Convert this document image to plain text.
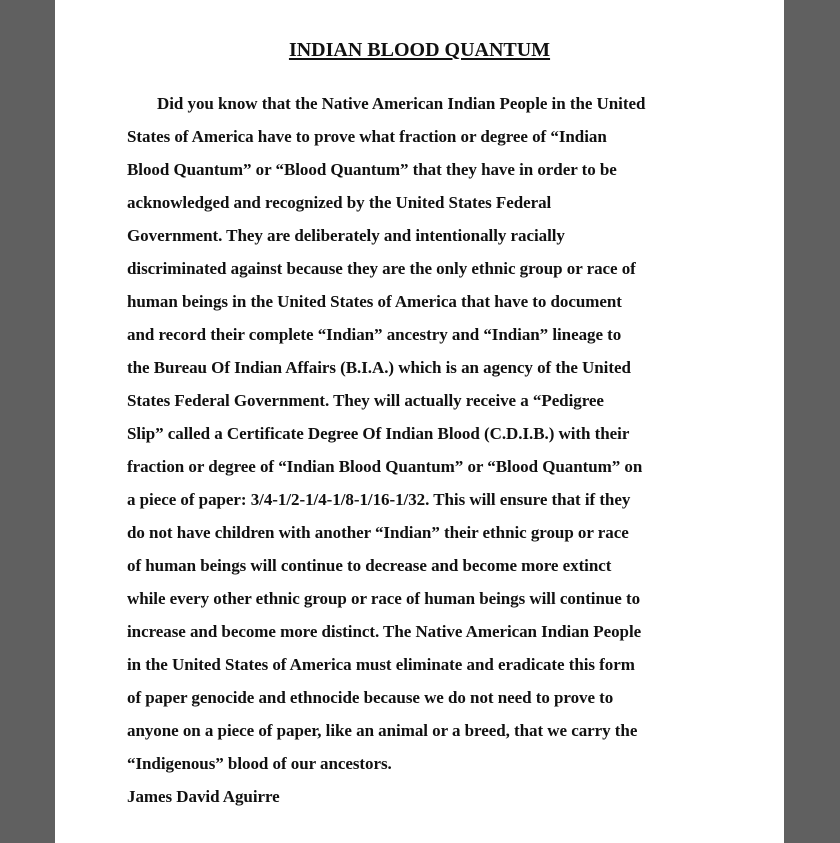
INDIAN BLOOD QUANTUM
Did you know that the Native American Indian People in the United
States of America have to prove what fraction or degree of “Indian
Blood Quantum” or “Blood Quantum” that they have in order to be
acknowledged and recognized by the United States Federal
Government. They are deliberately and intentionally racially
discriminated against because they are the only ethnic group or race of
human beings in the United States of America that have to document
and record their complete “Indian” ancestry and “Indian” lineage to
the Bureau Of Indian Affairs (B.I.A.) which is an agency of the United
States Federal Government. They will actually receive a “Pedigree
Slip” called a Certificate Degree Of Indian Blood (C.D.I.B.) with their
fraction or degree of “Indian Blood Quantum” or “Blood Quantum” on
a piece of paper: 3/4-1/2-1/4-1/8-1/16-1/32. This will ensure that if they
do not have children with another “Indian” their ethnic group or race
of human beings will continue to decrease and become more extinct
while every other ethnic group or race of human beings will continue to
increase and become more distinct. The Native American Indian People
in the United States of America must eliminate and eradicate this form
of paper genocide and ethnocide because we do not need to prove to
anyone on a piece of paper, like an animal or a breed, that we carry the
“Indigenous” blood of our ancestors.
James David Aguirre
